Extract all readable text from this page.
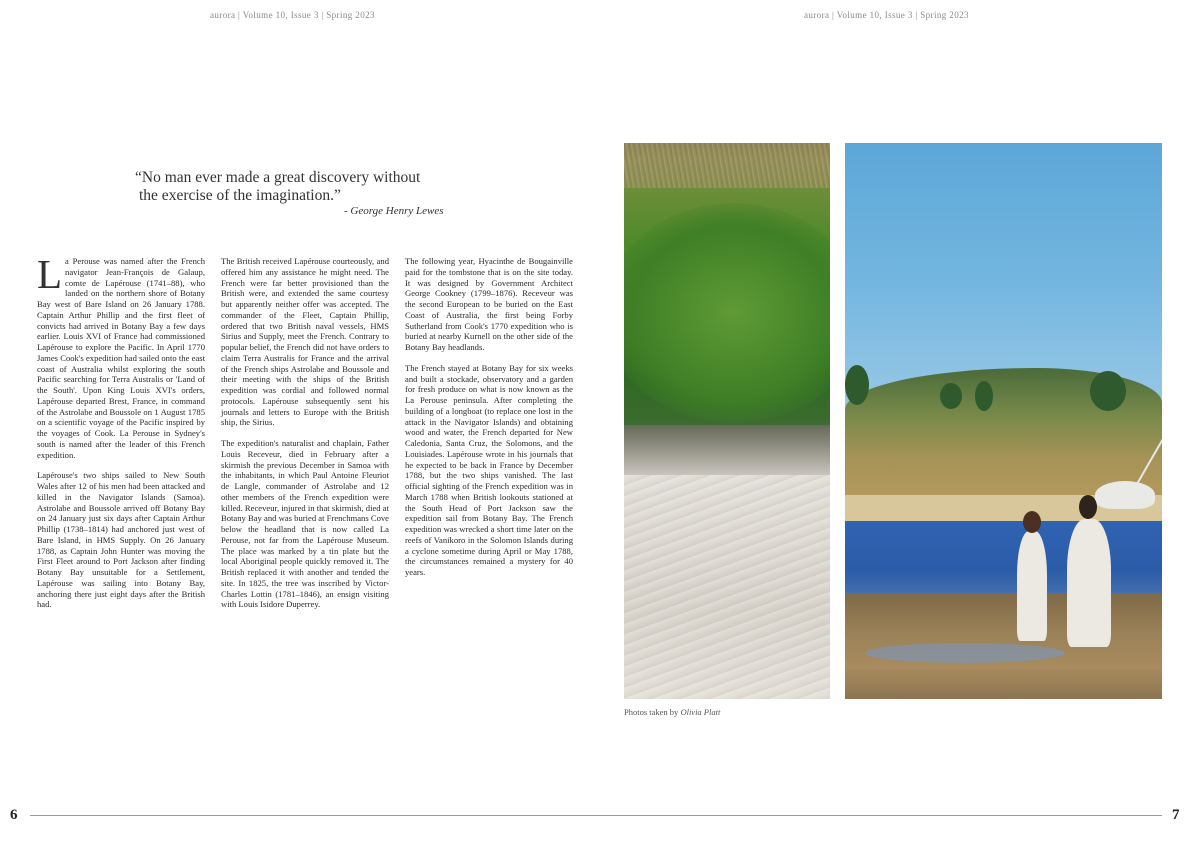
aurora | Volume 10, Issue 3 | Spring 2023	aurora | Volume 10, Issue 3 | Spring 2023
“No man ever made a great discovery without
the exercise of the imagination.”
- George Henry Lewes

La Perouse was named after the French navigator Jean-François de Galaup, comte de Lapérouse (1741–88), who landed on the northern shore of Botany Bay west of Bare Island on 26 January 1788. Captain Arthur Phillip and the first fleet of convicts had arrived in Botany Bay a few days earlier. Louis XVI of France had commissioned Lapérouse to explore the Pacific. In April 1770 James Cook's expedition had sailed onto the east coast of Australia whilst exploring the south Pacific searching for Terra Australis or 'Land of the South'. Upon King Louis XVI's orders, Lapérouse departed Brest, France, in command of the Astrolabe and Boussole on 1 August 1785 on a scientific voyage of the Pacific inspired by the voyages of Cook. La Perouse in Sydney's south is named after the leader of this French expedition.

Lapérouse's two ships sailed to New South Wales after 12 of his men had been attacked and killed in the Navigator Islands (Samoa). Astrolabe and Boussole arrived off Botany Bay on 24 January just six days after Captain Arthur Phillip (1738–1814) had anchored just west of Bare Island, in HMS Supply. On 26 January 1788, as Captain John Hunter was moving the First Fleet around to Port Jackson after finding Botany Bay unsuitable for a Settlement, Lapérouse was sailing into Botany Bay, anchoring there just eight days after the British had.

The British received Lapérouse courteously, and offered him any assistance he might need. The French were far better provisioned than the British were, and extended the same courtesy but apparently neither offer was accepted. The commander of the Fleet, Captain Phillip, ordered that two British naval vessels, HMS Sirius and Supply, meet the French. Contrary to popular belief, the French did not have orders to claim Terra Australis for France and the arrival of the French ships Astrolabe and Boussole and their meeting with the ships of the British expedition was cordial and followed normal protocols. Lapérouse subsequently sent his journals and letters to Europe with the British ship, the Sirius.

The expedition's naturalist and chaplain, Father Louis Receveur, died in February after a skirmish the previous December in Samoa with the inhabitants, in which Paul Antoine Fleuriot de Langle, commander of Astrolabe and 12 other members of the French expedition were killed. Receveur, injured in that skirmish, died at Botany Bay and was buried at Frenchmans Cove below the headland that is now called La Perouse, not far from the Lapérouse Museum. The place was marked by a tin plate but the local Aboriginal people quickly removed it. The British replaced it with another and tended the site. In 1825, the tree was inscribed by Victor-Charles Lottin (1781–1846), an ensign visiting with Louis Isidore Duperrey.

The following year, Hyacinthe de Bougainville paid for the tombstone that is on the site today. It was designed by Government Architect George Cookney (1799–1876). Receveur was the second European to be buried on the East Coast of Australia, the first being Forby Sutherland from Cook's 1770 expedition who is buried at nearby Kurnell on the other side of the Botany Bay headlands.

The French stayed at Botany Bay for six weeks and built a stockade, observatory and a garden for fresh produce on what is now known as the La Perouse peninsula. After completing the building of a longboat (to replace one lost in the attack in the Navigator Islands) and obtaining wood and water, the French departed for New Caledonia, Santa Cruz, the Solomons, and the Louisiades. Lapérouse wrote in his journals that he expected to be back in France by December 1788, but the two ships vanished. The last official sighting of the French expedition was in March 1788 when British lookouts stationed at the South Head of Port Jackson saw the expedition sail from Botany Bay. The French expedition was wrecked a short time later on the reefs of Vanikoro in the Solomon Islands during a cyclone sometime during April or May 1788, the circumstances remained a mystery for 40 years.

Photos taken by Olivia Platt
6	7
